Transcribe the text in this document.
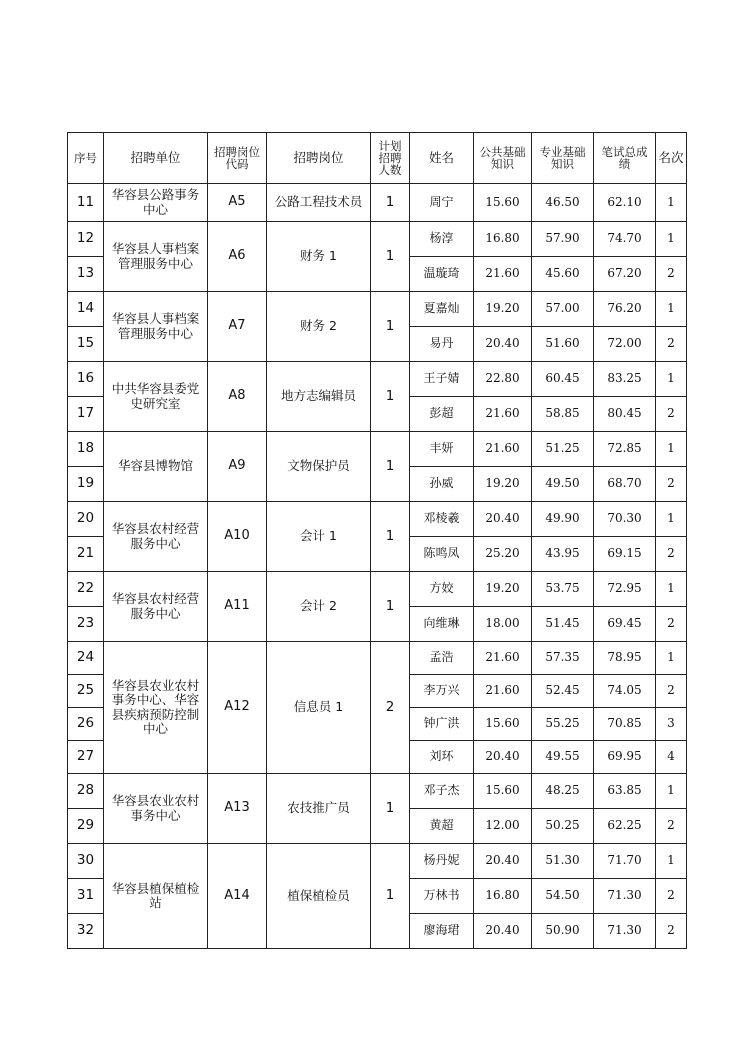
序号	招聘单位	招聘岗位代码	招聘岗位	计划招聘人数	姓名	公共基础知识	专业基础知识	笔试总成绩	名次
11	华容县公路事务中心	A5	公路工程技术员	1	周宁	15.60	46.50	62.10	1
12	华容县人事档案管理服务中心	A6	财务 1	1	杨淳	16.80	57.90	74.70	1
13					温璇琦	21.60	45.60	67.20	2
14	华容县人事档案管理服务中心	A7	财务 2	1	夏嘉灿	19.20	57.00	76.20	1
15					易丹	20.40	51.60	72.00	2
16	中共华容县委党史研究室	A8	地方志编辑员	1	王子婧	22.80	60.45	83.25	1
17					彭超	21.60	58.85	80.45	2
18	华容县博物馆	A9	文物保护员	1	丰妍	21.60	51.25	72.85	1
19					孙威	19.20	49.50	68.70	2
20	华容县农村经营服务中心	A10	会计 1	1	邓棱羲	20.40	49.90	70.30	1
21					陈鸣凤	25.20	43.95	69.15	2
22	华容县农村经营服务中心	A11	会计 2	1	方姣	19.20	53.75	72.95	1
23					向维琳	18.00	51.45	69.45	2
24	华容县农业农村事务中心、华容县疾病预防控制中心	A12	信息员 1	2	孟浩	21.60	57.35	78.95	1
25					李万兴	21.60	52.45	74.05	2
26					钟广洪	15.60	55.25	70.85	3
27					刘环	20.40	49.55	69.95	4
28	华容县农业农村事务中心	A13	农技推广员	1	邓子杰	15.60	48.25	63.85	1
29					黄超	12.00	50.25	62.25	2
30	华容县植保植检站	A14	植保植检员	1	杨丹妮	20.40	51.30	71.70	1
31					万林书	16.80	54.50	71.30	2
32					廖海珺	20.40	50.90	71.30	2
